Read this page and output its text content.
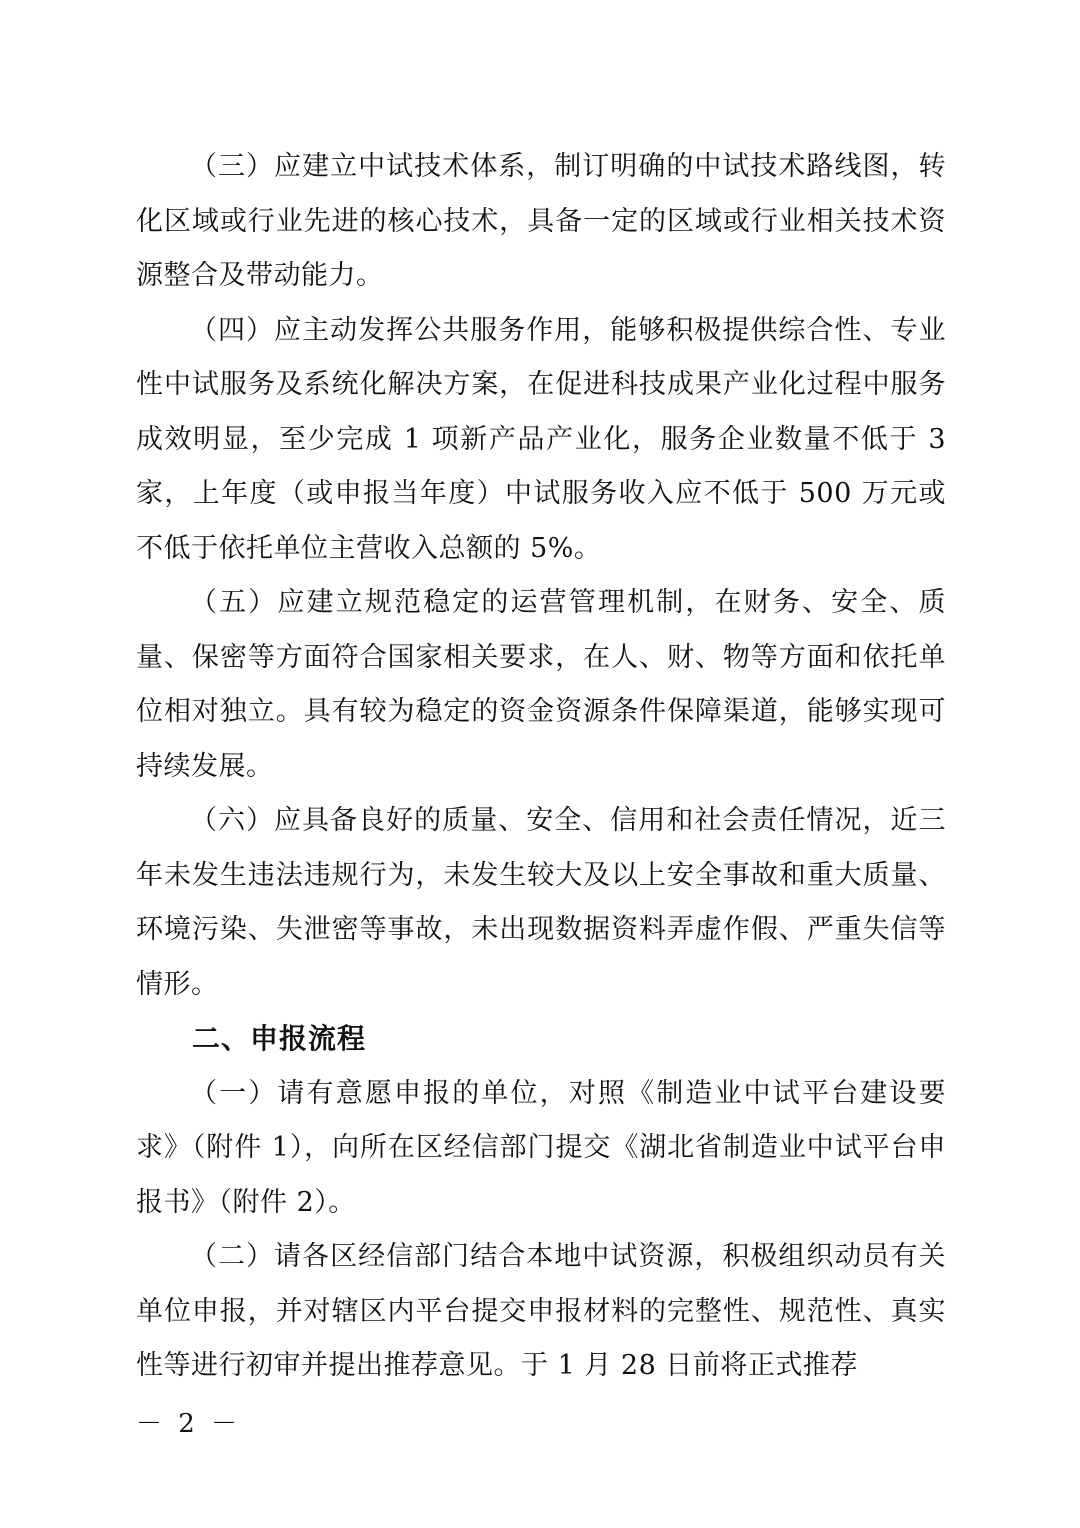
（三）应建立中试技术体系，制订明确的中试技术路线图，转化区域或行业先进的核心技术，具备一定的区域或行业相关技术资源整合及带动能力。

（四）应主动发挥公共服务作用，能够积极提供综合性、专业性中试服务及系统化解决方案，在促进科技成果产业化过程中服务成效明显，至少完成 1 项新产品产业化，服务企业数量不低于 3 家，上年度（或申报当年度）中试服务收入应不低于 500 万元或不低于依托单位主营收入总额的 5%。

（五）应建立规范稳定的运营管理机制，在财务、安全、质量、保密等方面符合国家相关要求，在人、财、物等方面和依托单位相对独立。具有较为稳定的资金资源条件保障渠道，能够实现可持续发展。

（六）应具备良好的质量、安全、信用和社会责任情况，近三年未发生违法违规行为，未发生较大及以上安全事故和重大质量、环境污染、失泄密等事故，未出现数据资料弄虚作假、严重失信等情形。

二、申报流程

（一）请有意愿申报的单位，对照《制造业中试平台建设要求》（附件 1），向所在区经信部门提交《湖北省制造业中试平台申报书》（附件 2）。

（二）请各区经信部门结合本地中试资源，积极组织动员有关单位申报，并对辖区内平台提交申报材料的完整性、规范性、真实性等进行初审并提出推荐意见。于 1 月 28 日前将正式推荐

－ 2 －
